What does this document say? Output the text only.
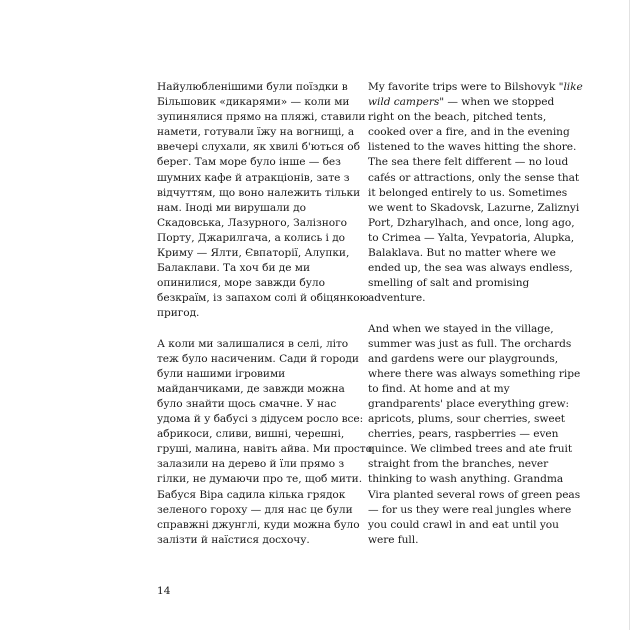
Найулюбленішими були поїздки в Більшовик «дикарями» — коли ми зупинялися прямо на пляжі, ставили намети, готували їжу на вогнищі, а ввечері слухали, як хвилі б'ються об берег. Там море було інше — без шумних кафе й атракціонів, зате з відчуттям, що воно належить тільки нам. Іноді ми вирушали до Скадовська, Лазурного, Залізного Порту, Джарилгача, а колись і до Криму — Ялти, Євпаторії, Алупки, Балаклави. Та хоч би де ми опинилися, море завжди було безкраїм, із запахом солі й обіцянкою пригод.

А коли ми залишалися в селі, літо теж було насиченим. Сади й городи були нашими ігровими майданчиками, де завжди можна було знайти щось смачне. У нас удома й у бабусі з дідусем росло все: абрикоси, сливи, вишні, черешні, груші, малина, навіть айва. Ми просто залазили на дерево й їли прямо з гілки, не думаючи про те, щоб мити. Бабуся Віра садила кілька грядок зеленого гороху — для нас це були справжні джунглі, куди можна було залізти й наїстися досхочу.

My favorite trips were to Bilshovyk "like wild campers" — when we stopped right on the beach, pitched tents, cooked over a fire, and in the evening listened to the waves hitting the shore. The sea there felt different — no loud cafés or attractions, only the sense that it belonged entirely to us. Sometimes we went to Skadovsk, Lazurne, Zaliznyi Port, Dzharylhach, and once, long ago, to Crimea — Yalta, Yevpatoria, Alupka, Balaklava. But no matter where we ended up, the sea was always endless, smelling of salt and promising adventure.

And when we stayed in the village, summer was just as full. The orchards and gardens were our playgrounds, where there was always something ripe to find. At home and at my grandparents' place everything grew: apricots, plums, sour cherries, sweet cherries, pears, raspberries — even quince. We climbed trees and ate fruit straight from the branches, never thinking to wash anything. Grandma Vira planted several rows of green peas — for us they were real jungles where you could crawl in and eat until you were full.

14
